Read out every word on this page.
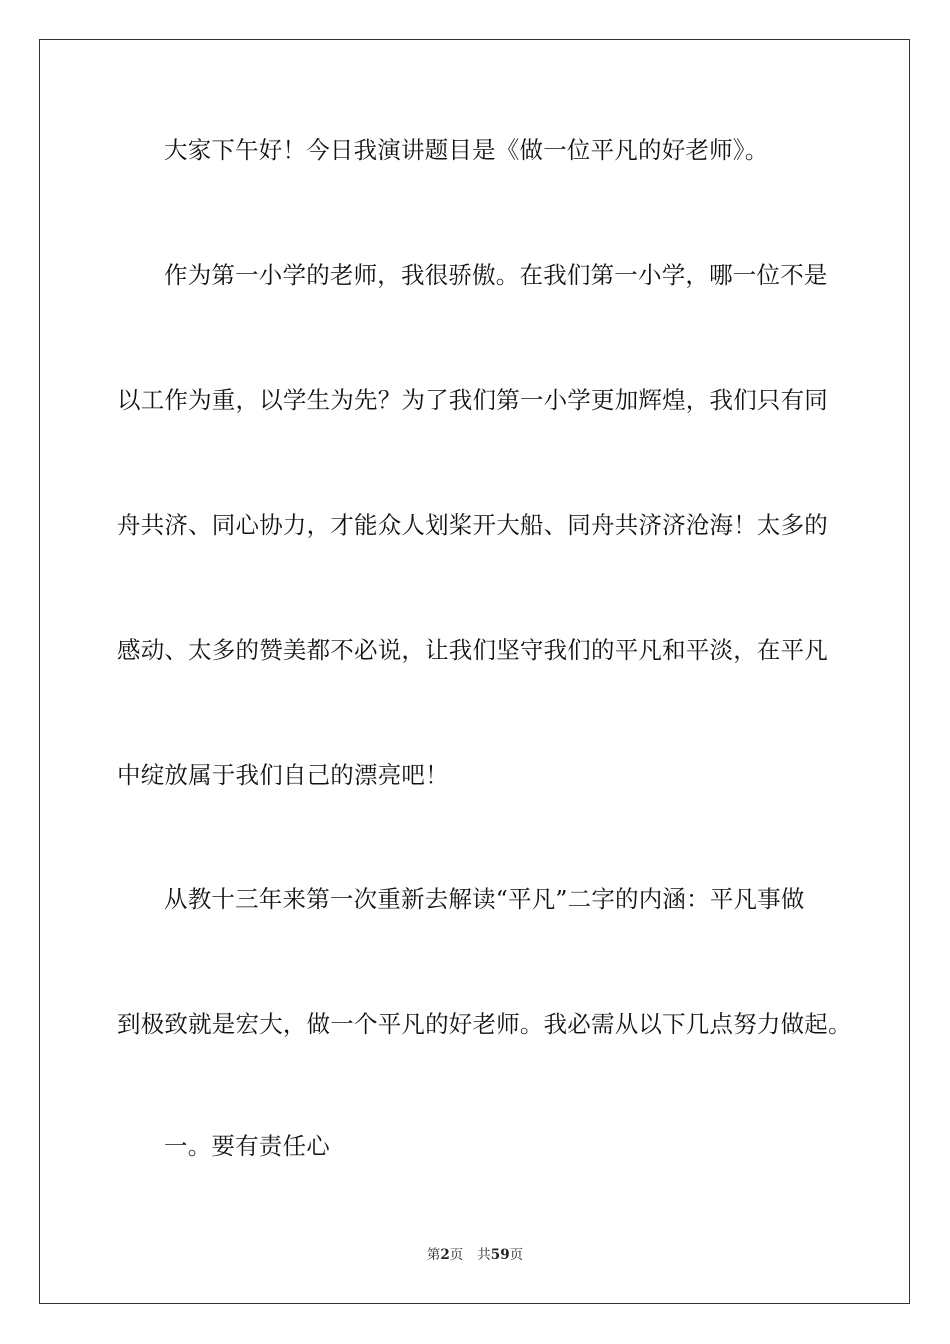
大家下午好！今日我演讲题目是《做一位平凡的好老师》。
作为第一小学的老师，我很骄傲。在我们第一小学，哪一位不是
以工作为重，以学生为先？为了我们第一小学更加辉煌，我们只有同
舟共济、同心协力，才能众人划桨开大船、同舟共济济沧海！太多的
感动、太多的赞美都不必说，让我们坚守我们的平凡和平淡，在平凡
中绽放属于我们自己的漂亮吧！
从教十三年来第一次重新去解读“平凡”二字的内涵：平凡事做
到极致就是宏大，做一个平凡的好老师。我必需从以下几点努力做起。
一。要有责任心
第2页 共59页
